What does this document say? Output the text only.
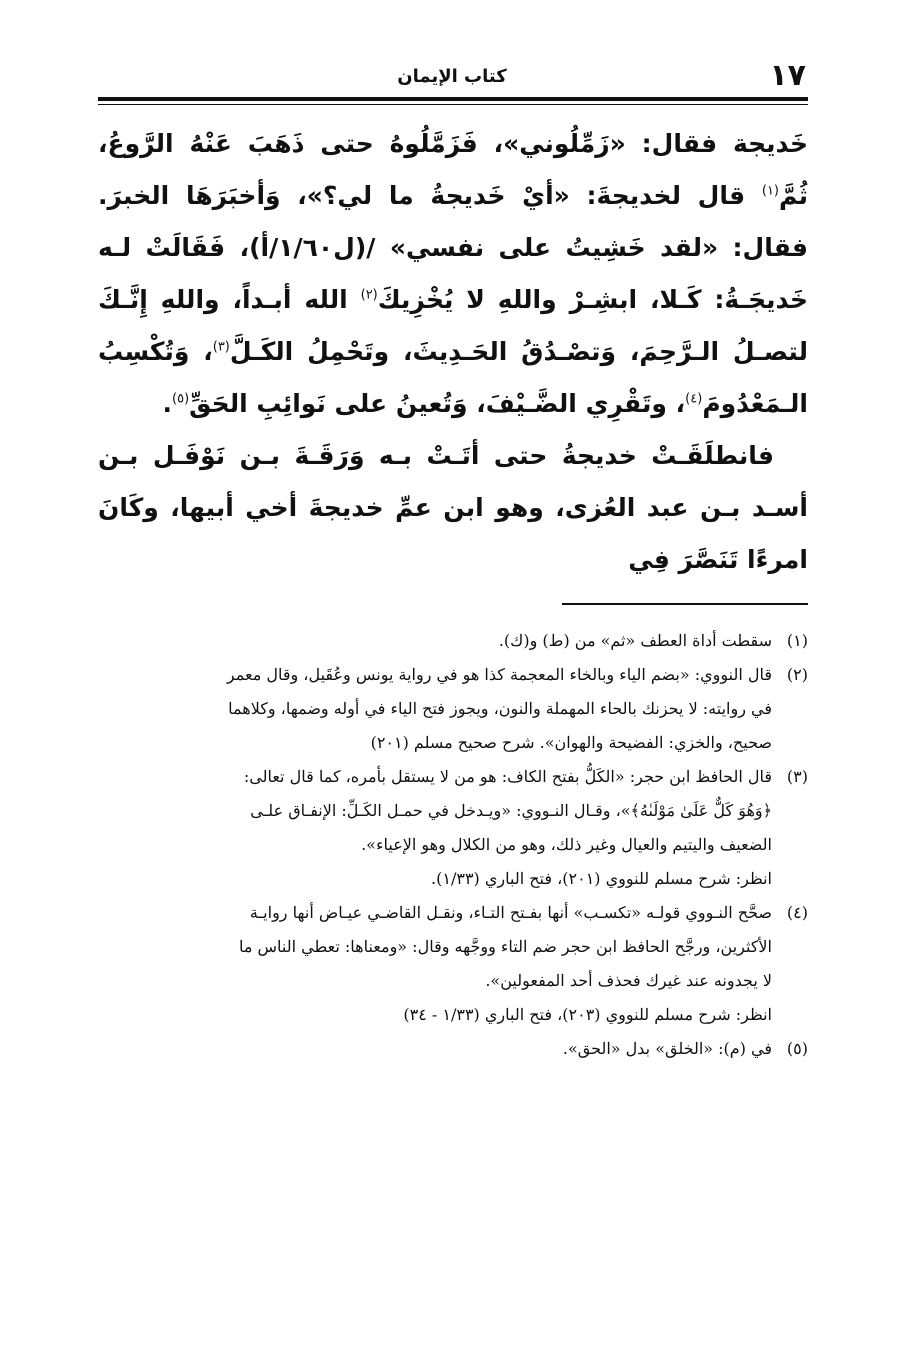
١٧
كتاب الإيمان

خَديجة فقال: «زَمِّلُوني»، فَزَمَّلُوهُ حتى ذَهَبَ عَنْهُ الرَّوعُ، ثُمَّ$^{(١)}$ قال لخديجةَ: «أيْ خَديجةُ ما لي؟»، وَأخبَرَهَا الخبرَ. فقال: «لقد خَشِيتُ على نفسي» /(ل١/٦٠/أ)، فَقَالَتْ لـه خَديجَـةُ: كَـلا، ابشِـرْ واللهِ لا يُخْزِيكَ$^{(٢)}$ الله أبـداً، واللهِ إِنَّـكَ لتصـلُ الـرَّحِمَ، وَتصْـدُقُ الحَـدِيثَ، وتَحْمِلُ الكَـلَّ$^{(٣)}$، وَتُكْسِبُ الـمَعْدُومَ$^{(٤)}$، وتَقْرِي الضَّـيْفَ، وَتُعينُ على نَوائِبِ الحَقِّ$^{(٥)}$.

فانطلَقَـتْ خديجةُ حتى أتَـتْ بـه وَرَقَـةَ بـن نَوْفَـل بـن أسـد بـن عبد العُزى، وهو ابن عمِّ خديجةَ أخي أبيها، وكَانَ امرءًا تَنَصَّرَ فِي

(١)
سقطت أداة العطف «ثم» من (ط) و(ك).
(٢)
قال النووي: «بضم الياء وبالخاء المعجمة كذا هو في رواية يونس وعُقَيل، وقال معمر
في روايته: لا يحزنك بالحاء المهملة والنون، ويجوز فتح الياء في أوله وضمها، وكلاهما
صحيح، والخزي: الفضيحة والهوان». شرح صحيح مسلم (٢٠١)
(٣)
قال الحافظ ابن حجر: «الكَلُّ بفتح الكاف: هو من لا يستقل بأمره، كما قال تعالى:
﴿وَهُوَ كَلٌّ عَلَىٰ مَوْلَىٰهُ﴾»، وقـال النـووي: «ويـدخل في حمـل الكَـلِّ: الإنفـاق علـى
الضعيف واليتيم والعيال وغير ذلك، وهو من الكلال وهو الإعياء».
انظر: شرح مسلم للنووي (٢٠١)، فتح الباري (١/٣٣).
(٤)
صحَّح النـووي قولـه «تكسـب» أنها بفـتح التـاء، ونقـل القاضـي عيـاض أنها روايـة
الأكثرين، ورجَّح الحافظ ابن حجر ضم التاء ووجَّهه وقال: «ومعناها: تعطي الناس ما
لا يجدونه عند غيرك فحذف أحد المفعولين».
انظر: شرح مسلم للنووي (٢٠٣)، فتح الباري (١/٣٣ - ٣٤)
(٥)
في (م): «الخلق» بدل «الحق».
